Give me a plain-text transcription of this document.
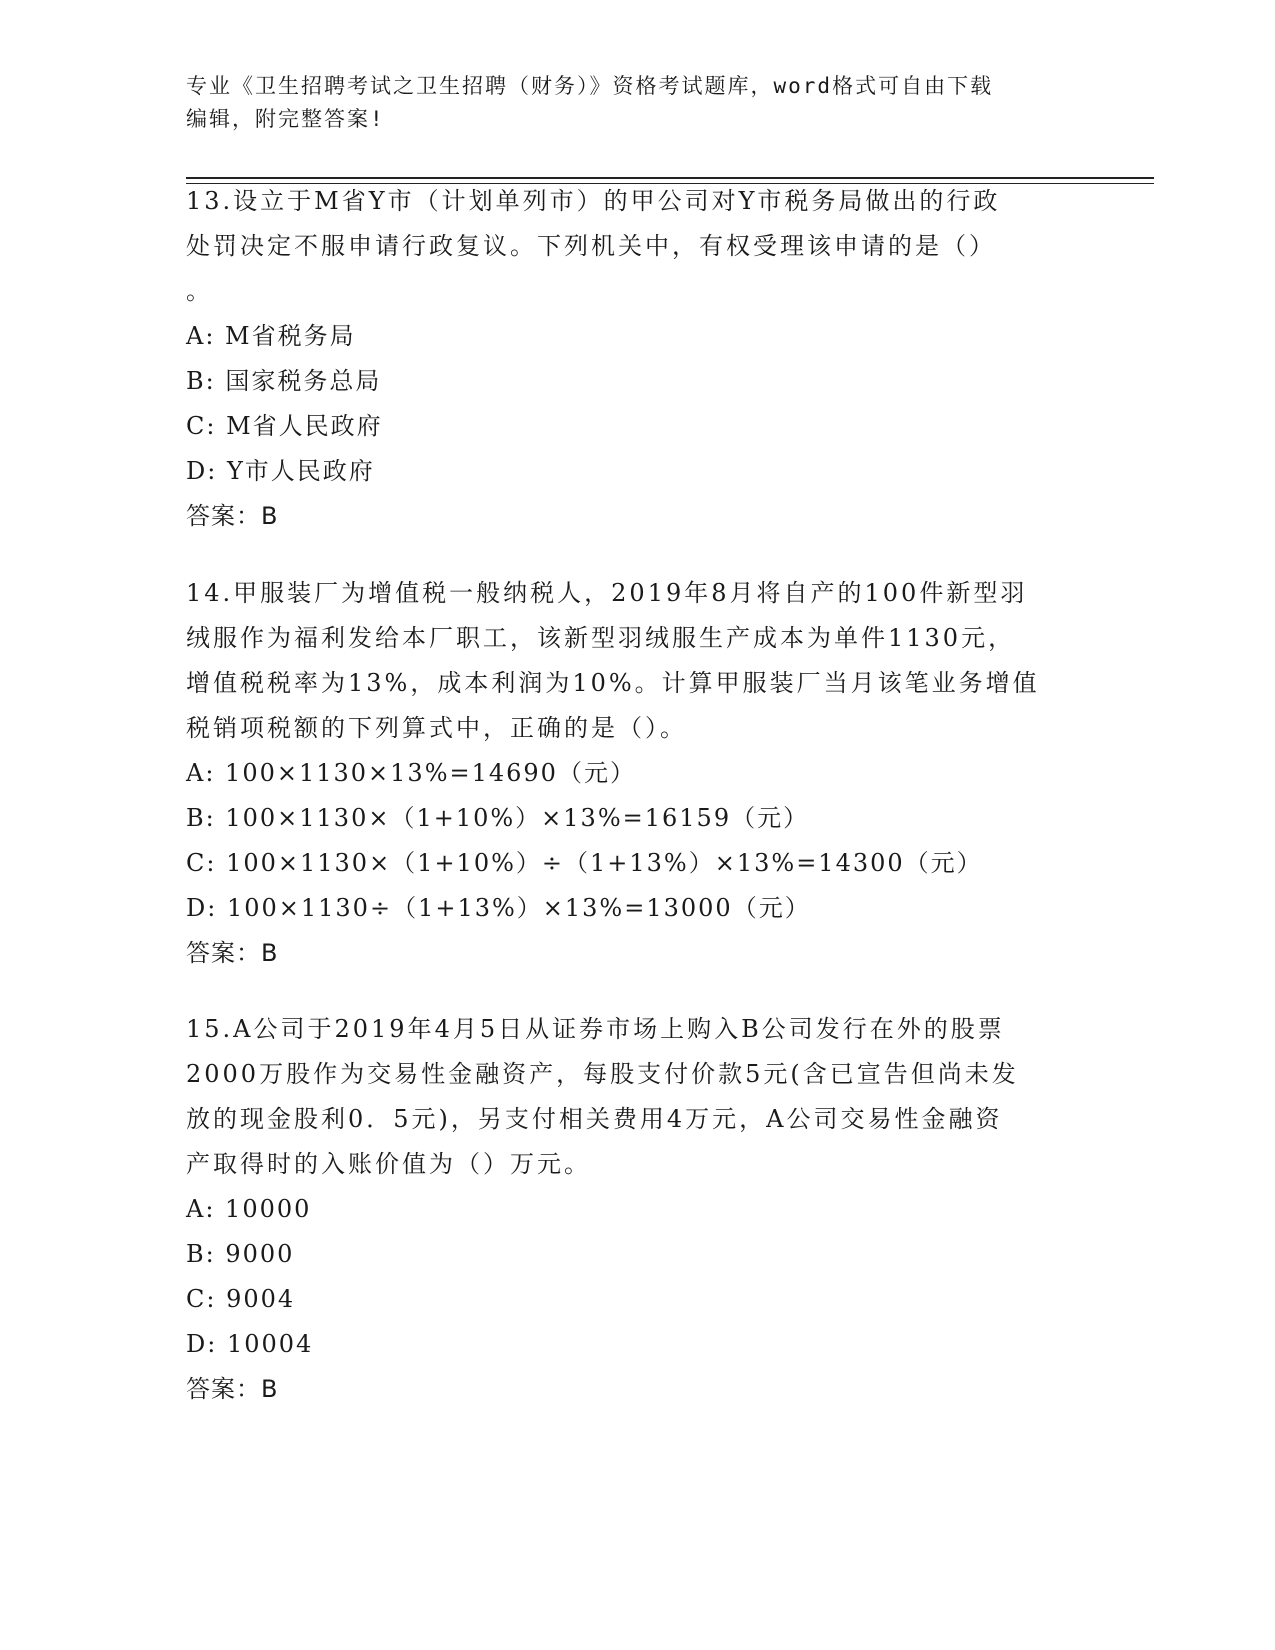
专业《卫生招聘考试之卫生招聘（财务）》资格考试题库，word格式可自由下载
编辑，附完整答案!
13.设立于M省Y市（计划单列市）的甲公司对Y市税务局做出的行政
处罚决定不服申请行政复议。下列机关中，有权受理该申请的是（）
。
A: M省税务局
B: 国家税务总局
C: M省人民政府
D: Y市人民政府
答案：B
14.甲服装厂为增值税一般纳税人，2019年8月将自产的100件新型羽
绒服作为福利发给本厂职工，该新型羽绒服生产成本为单件1130元，
增值税税率为13%，成本利润为10%。计算甲服装厂当月该笔业务增值
税销项税额的下列算式中，正确的是（）。
A: 100×1130×13%=14690（元）
B: 100×1130×（1+10%）×13%=16159（元）
C: 100×1130×（1+10%）÷（1+13%）×13%=14300（元）
D: 100×1130÷（1+13%）×13%=13000（元）
答案：B
15.A公司于2019年4月5日从证券市场上购入B公司发行在外的股票
2000万股作为交易性金融资产，每股支付价款5元(含已宣告但尚未发
放的现金股利0．5元)，另支付相关费用4万元，A公司交易性金融资
产取得时的入账价值为（）万元。
A: 10000
B: 9000
C: 9004
D: 10004
答案：B
